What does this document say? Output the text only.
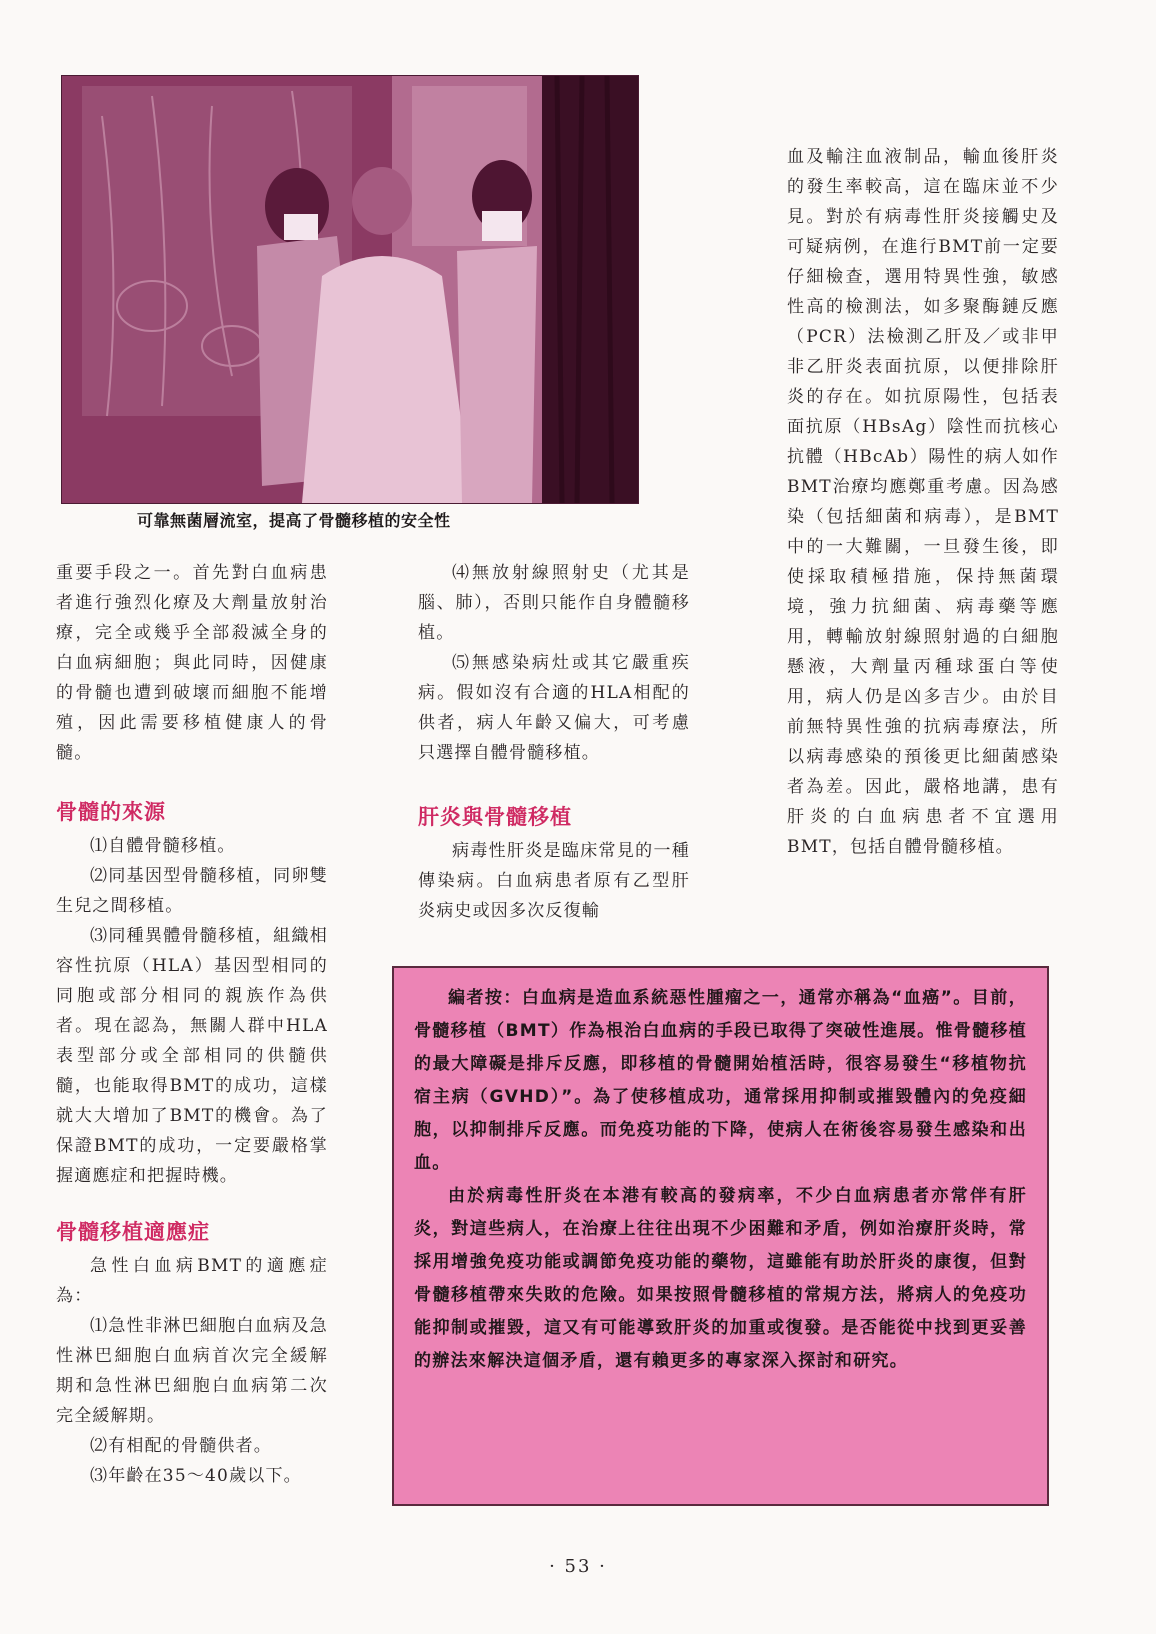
可靠無菌層流室，提高了骨髓移植的安全性

重要手段之一。首先對白血病患者進行強烈化療及大劑量放射治療，完全或幾乎全部殺滅全身的白血病細胞；與此同時，因健康的骨髓也遭到破壞而細胞不能增殖，因此需要移植健康人的骨髓。

骨髓的來源

⑴自體骨髓移植。

⑵同基因型骨髓移植，同卵雙生兒之間移植。

⑶同種異體骨髓移植，組織相容性抗原（HLA）基因型相同的同胞或部分相同的親族作為供者。現在認為，無關人群中HLA表型部分或全部相同的供髓供髓，也能取得BMT的成功，這樣就大大增加了BMT的機會。為了保證BMT的成功，一定要嚴格掌握適應症和把握時機。

骨髓移植適應症

急性白血病BMT的適應症為：

⑴急性非淋巴細胞白血病及急性淋巴細胞白血病首次完全緩解期和急性淋巴細胞白血病第二次完全緩解期。

⑵有相配的骨髓供者。

⑶年齡在35～40歲以下。

⑷無放射線照射史（尤其是腦、肺），否則只能作自身體髓移植。

⑸無感染病灶或其它嚴重疾病。假如沒有合適的HLA相配的供者，病人年齡又偏大，可考慮只選擇自體骨髓移植。

肝炎與骨髓移植

病毒性肝炎是臨床常見的一種傳染病。白血病患者原有乙型肝炎病史或因多次反復輸

血及輸注血液制品，輸血後肝炎的發生率較高，這在臨床並不少見。對於有病毒性肝炎接觸史及可疑病例，在進行BMT前一定要仔細檢查，選用特異性強，敏感性高的檢測法，如多聚酶鏈反應（PCR）法檢測乙肝及／或非甲非乙肝炎表面抗原，以便排除肝炎的存在。如抗原陽性，包括表面抗原（HBsAg）陰性而抗核心抗體（HBcAb）陽性的病人如作BMT治療均應鄭重考慮。因為感染（包括細菌和病毒），是BMT中的一大難關，一旦發生後，即使採取積極措施，保持無菌環境，強力抗細菌、病毒藥等應用，轉輸放射線照射過的白細胞懸液，大劑量丙種球蛋白等使用，病人仍是凶多吉少。由於目前無特異性強的抗病毒療法，所以病毒感染的預後更比細菌感染者為差。因此，嚴格地講，患有肝炎的白血病患者不宜選用BMT，包括自體骨髓移植。

編者按：白血病是造血系統惡性腫瘤之一，通常亦稱為“血癌”。目前，骨髓移植（BMT）作為根治白血病的手段已取得了突破性進展。惟骨髓移植的最大障礙是排斥反應，即移植的骨髓開始植活時，很容易發生“移植物抗宿主病（GVHD）”。為了使移植成功，通常採用抑制或摧毀體內的免疫細胞，以抑制排斥反應。而免疫功能的下降，使病人在術後容易發生感染和出血。

由於病毒性肝炎在本港有較高的發病率，不少白血病患者亦常伴有肝炎，對這些病人，在治療上往往出現不少困難和矛盾，例如治療肝炎時，常採用增強免疫功能或調節免疫功能的藥物，這雖能有助於肝炎的康復，但對骨髓移植帶來失敗的危險。如果按照骨髓移植的常規方法，將病人的免疫功能抑制或摧毀，這又有可能導致肝炎的加重或復發。是否能從中找到更妥善的辦法來解決這個矛盾，還有賴更多的專家深入探討和研究。

· 53 ·
